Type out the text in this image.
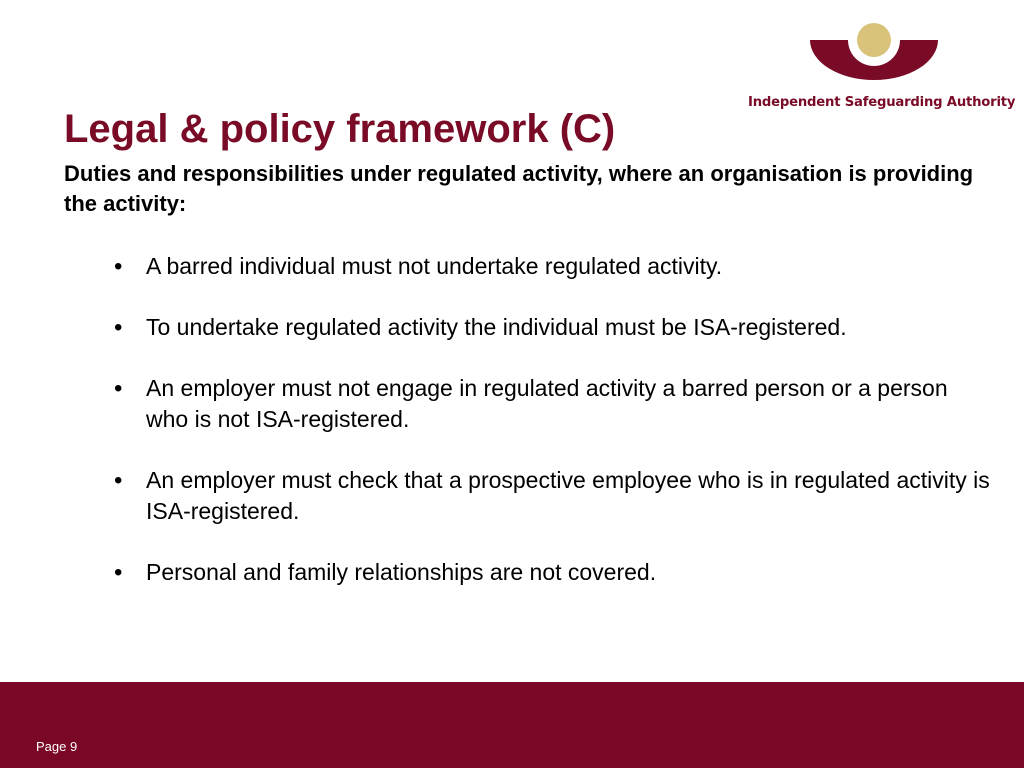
Independent Safeguarding Authority
Legal & policy framework (C)

Duties and responsibilities under regulated activity, where an organisation is providing the activity:

•	A barred individual must not undertake regulated activity.
•	To undertake regulated activity the individual must be ISA-registered.
•	An employer must not engage in regulated activity a barred person or a person who is not ISA-registered.
•	An employer must check that a prospective employee who is in regulated activity is ISA-registered.
•	Personal and family relationships are not covered.
Page 9
